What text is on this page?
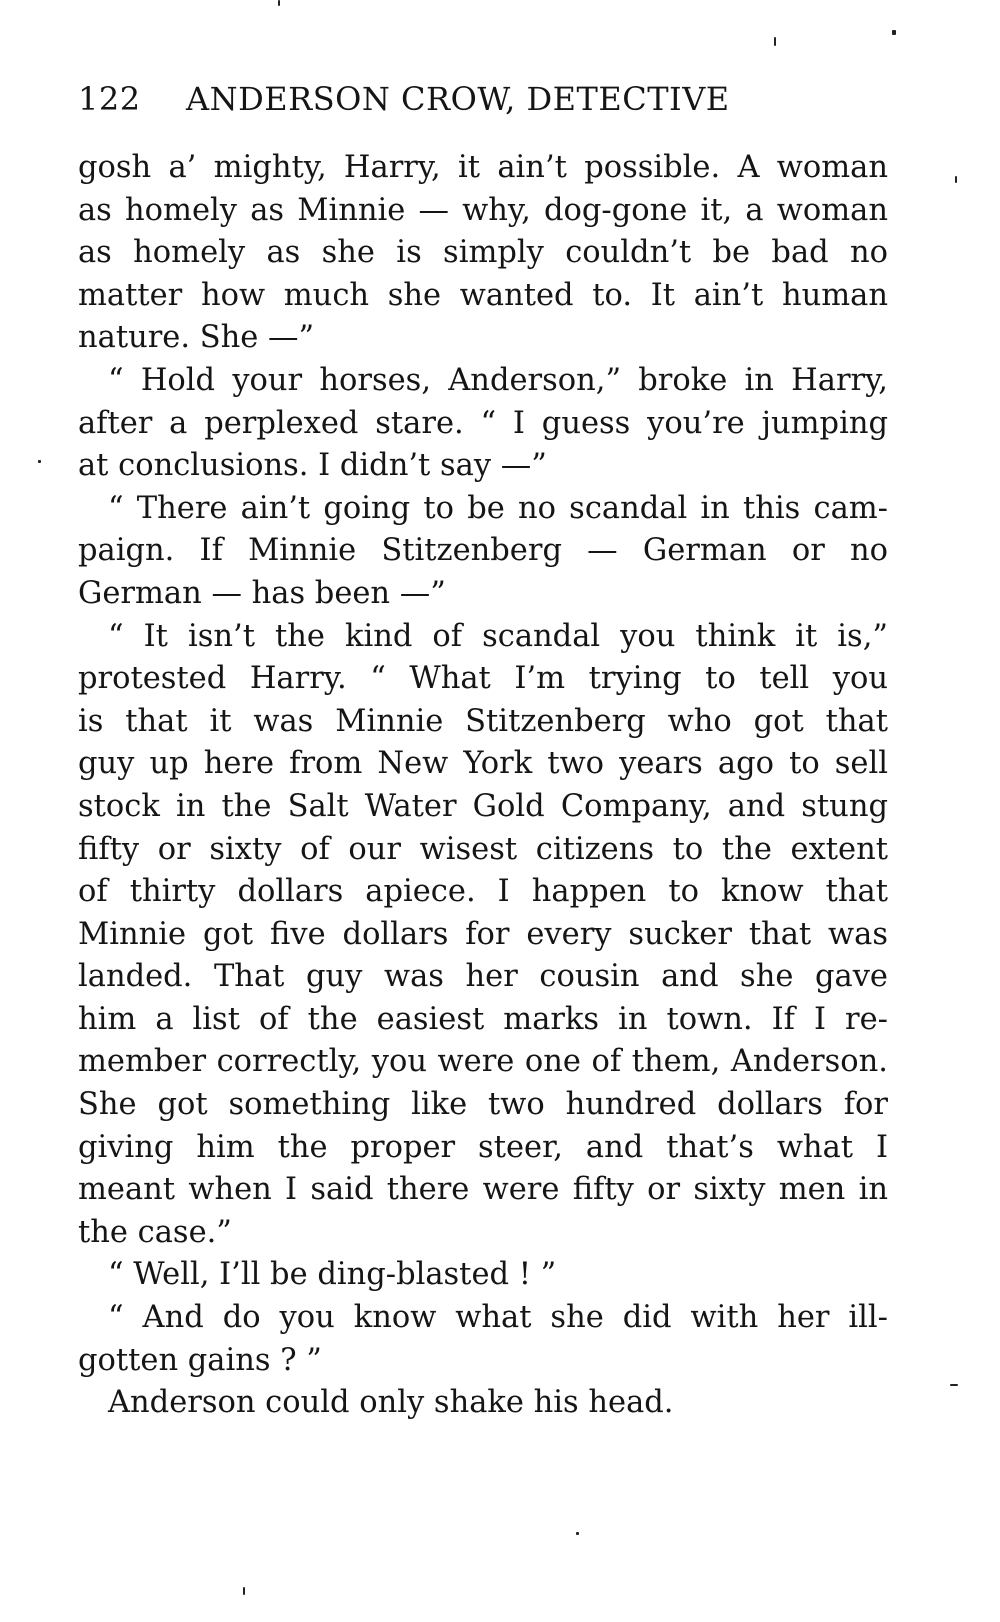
122 ANDERSON CROW, DETECTIVE
gosh a’ mighty, Harry, it ain’t possible. A woman
as homely as Minnie — why, dog-gone it, a woman
as homely as she is simply couldn’t be bad no
matter how much she wanted to. It ain’t human
nature. She —”
“ Hold your horses, Anderson,” broke in Harry,
after a perplexed stare. “ I guess you’re jumping
at conclusions. I didn’t say —”
“ There ain’t going to be no scandal in this cam-
paign. If Minnie Stitzenberg — German or no
German — has been —”
“ It isn’t the kind of scandal you think it is,”
protested Harry. “ What I’m trying to tell you
is that it was Minnie Stitzenberg who got that
guy up here from New York two years ago to sell
stock in the Salt Water Gold Company, and stung
fifty or sixty of our wisest citizens to the extent
of thirty dollars apiece. I happen to know that
Minnie got five dollars for every sucker that was
landed. That guy was her cousin and she gave
him a list of the easiest marks in town. If I re-
member correctly, you were one of them, Anderson.
She got something like two hundred dollars for
giving him the proper steer, and that’s what I
meant when I said there were fifty or sixty men in
the case.”
“ Well, I’ll be ding-blasted ! ”
“ And do you know what she did with her ill-
gotten gains ? ”
Anderson could only shake his head.
